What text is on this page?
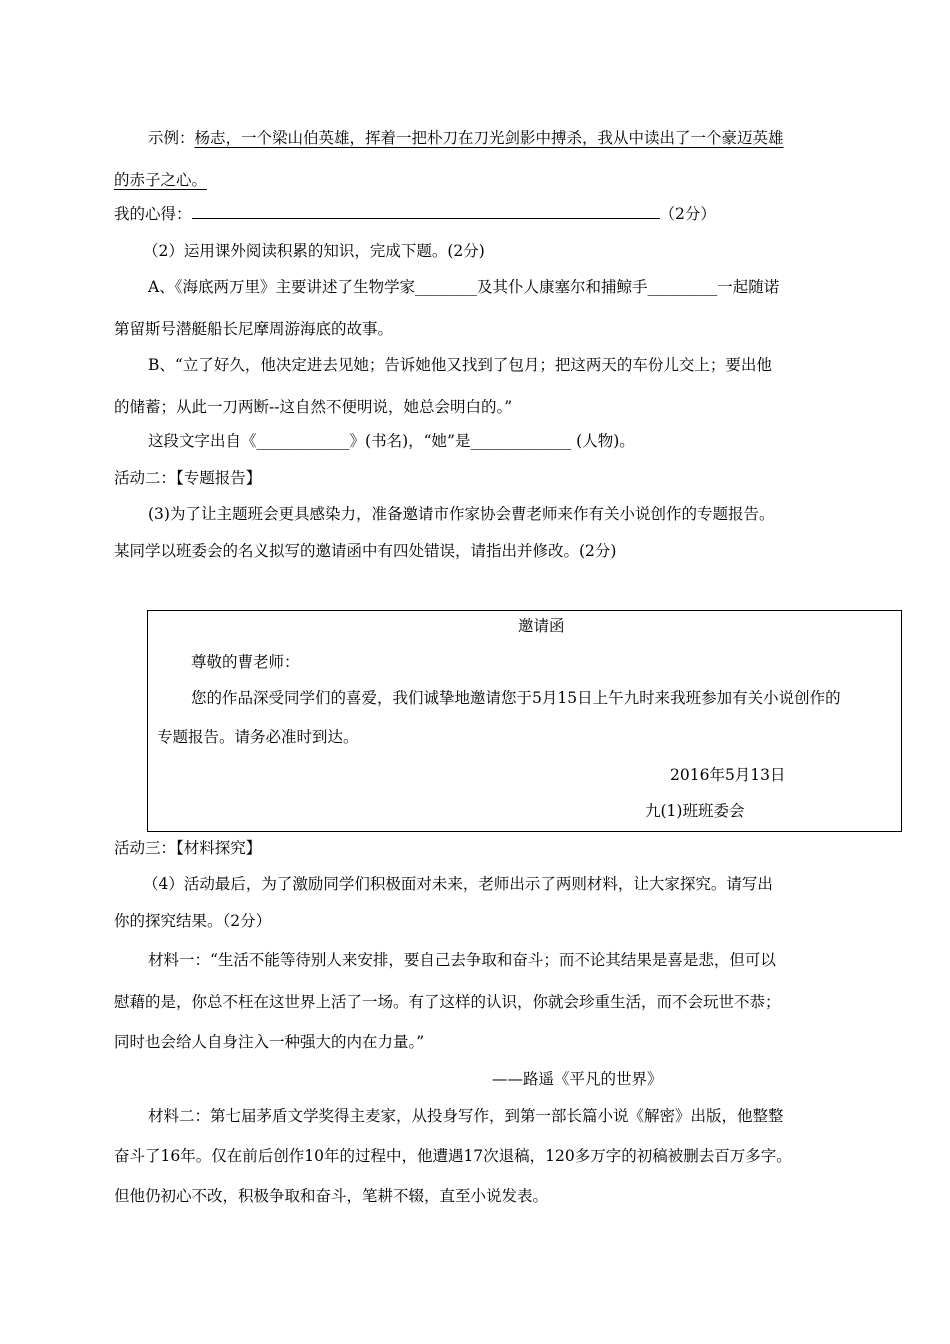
示例：杨志，一个梁山伯英雄，挥着一把朴刀在刀光剑影中搏杀，我从中读出了一个豪迈英雄
的赤子之心。
我的心得：	（2分）
（2）运用课外阅读积累的知识，完成下题。(2分)
A、《海底两万里》主要讲述了生物学家________及其仆人康塞尔和捕鲸手_________一起随诺
第留斯号潜艇船长尼摩周游海底的故事。
B、“立了好久，他决定进去见她；告诉她他又找到了包月；把这两天的车份儿交上；要出他
的储蓄；从此一刀两断--这自然不便明说，她总会明白的。”
这段文字出自《____________》(书名)，“她”是_____________ (人物)。
活动二：【专题报告】
(3)为了让主题班会更具感染力，准备邀请市作家协会曹老师来作有关小说创作的专题报告。
某同学以班委会的名义拟写的邀请函中有四处错误，请指出并修改。(2分)
邀请函
尊敬的曹老师：
您的作品深受同学们的喜爱，我们诚挚地邀请您于5月15日上午九时来我班参加有关小说创作的
专题报告。请务必准时到达。
2016年5月13日
九(1)班班委会
活动三：【材料探究】
（4）活动最后，为了激励同学们积极面对未来，老师出示了两则材料，让大家探究。请写出
你的探究结果。（2分）
材料一：“生活不能等待别人来安排，要自己去争取和奋斗；而不论其结果是喜是悲，但可以
慰藉的是，你总不枉在这世界上活了一场。有了这样的认识，你就会珍重生活，而不会玩世不恭；
同时也会给人自身注入一种强大的内在力量。”
——路遥《平凡的世界》
材料二：第七届茅盾文学奖得主麦家，从投身写作，到第一部长篇小说《解密》出版，他整整
奋斗了16年。仅在前后创作10年的过程中，他遭遇17次退稿，120多万字的初稿被删去百万多字。
但他仍初心不改，积极争取和奋斗，笔耕不辍，直至小说发表。
